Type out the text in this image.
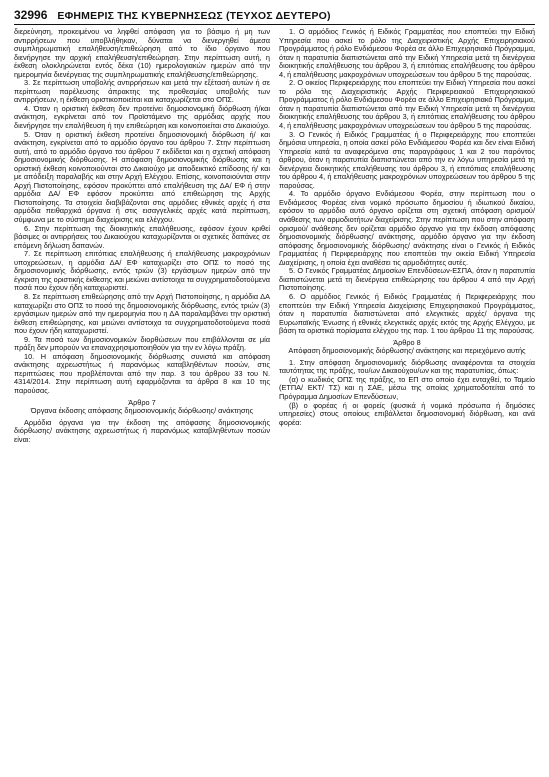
32996 ΕΦΗΜΕΡΙΣ ΤΗΣ ΚΥΒΕΡΝΗΣΕΩΣ (ΤΕΥΧΟΣ ΔΕΥΤΕΡΟ)

διερεύνηση, προκειμένου να ληφθεί απόφαση για το βάσιμο ή μη των αντιρρήσεων που υποβλήθηκαν, δύναται να διενεργηθεί άμεσα συμπληρωματική επαλήθευση/επιθεώρηση από το ίδιο όργανο που διενήργησε την αρχική επαλήθευση/επιθεώρηση. Στην περίπτωση αυτή, η έκθεση ολοκληρώνεται εντός δέκα (10) ημερολογιακών ημερών από την ημερομηνία διενέργειας της συμπληρωματικής επαλήθευσης/επιθεώρησης.

3. Σε περίπτωση υποβολής αντιρρήσεων και μετά την εξέτασή αυτών ή σε περίπτωση παρέλευσης άπρακτης της προθεσμίας υποβολής των αντιρρήσεων, η έκθεση οριστικοποιείται και καταχωρίζεται στο ΟΠΣ.

4. Όταν η οριστική έκθεση δεν προτείνει δημοσιονομική διόρθωση ή/και ανάκτηση, εγκρίνεται από τον Προϊστάμενο της αρμόδιας αρχής που διενήργησε την επαλήθευση ή την επιθεώρηση και κοινοποιείται στο Δικαιούχο.

5. Όταν η οριστική έκθεση προτείνει δημοσιονομική διόρθωση ή/ και ανάκτηση, εγκρίνεται από το αρμόδιο όργανο του άρθρου 7. Στην περίπτωση αυτή, από το αρμόδιο όργανο του άρθρου 7 εκδίδεται και η σχετική απόφαση δημοσιονομικής διόρθωσης. Η απόφαση δημοσιονομικής διόρθωσης και η οριστική έκθεση κοινοποιούνται στο Δικαιούχο με αποδεικτικό επίδοσης ή/ και με απόδειξη παραλαβής και στην Αρχή Ελέγχου. Επίσης, κοινοποιούνται στην Αρχή Πιστοποίησης, εφόσον προκύπτει από επαλήθευση της ΔΑ/ ΕΦ ή στην αρμόδια ΔΑ/ ΕΦ εφόσον προκύπτει από επιθεώρηση της Αρχής Πιστοποίησης. Τα στοιχεία διαβιβάζονται στις αρμόδιες εθνικές αρχές ή στα αρμόδια πειθαρχικά όργανα ή στις εισαγγελικές αρχές κατά περίπτωση, σύμφωνα με το σύστημα διαχείρισης και ελέγχου.

6. Στην περίπτωση της διοικητικής επαλήθευσης, εφόσον έχουν κριθεί βάσιμες οι αντιρρήσεις του Δικαιούχου καταχωρίζονται οι σχετικές δαπάνες σε επόμενη δήλωση δαπανών.

7. Σε περίπτωση επιτόπιας επαλήθευσης ή επαλήθευσης μακροχρόνιων υποχρεώσεων, η αρμόδια ΔΑ/ ΕΦ καταχωρίζει στο ΟΠΣ το ποσό της δημοσιονομικής διόρθωσης, εντός τριών (3) εργάσιμων ημερών από την έγκριση της οριστικής έκθεσης και μειώνει αντίστοιχα τα συγχρηματοδοτούμενα ποσά που έχουν ήδη καταχωριστεί.

8. Σε περίπτωση επιθεώρησης από την Αρχή Πιστοποίησης, η αρμόδια ΔΑ καταχωρίζει στο ΟΠΣ το ποσό της δημοσιονομικής διόρθωσης, εντός τριών (3) εργάσιμων ημερών από την ημερομηνία που η ΔΑ παραλαμβάνει την οριστική έκθεση επιθεώρησης, και μειώνει αντίστοιχα τα συγχρηματοδοτούμενα ποσά που έχουν ήδη καταχωριστεί.

9. Τα ποσά των δημοσιονομικών διορθώσεων που επιβάλλονται σε μία πράξη δεν μπορούν να επαναχρησιμοποιηθούν για την εν λόγω πράξη.

10. Η απόφαση δημοσιονομικής διόρθωσης συνιστά και απόφαση ανάκτησης αχρεωστήτως ή παρανόμως καταβληθέντων ποσών, στις περιπτώσεις που προβλέπονται από την παρ. 3 του άρθρου 33 του Ν. 4314/2014. Στην περίπτωση αυτή εφαρμόζονται τα άρθρα 8 και 10 της παρούσας.

Άρθρο 7

Όργανα έκδοσης απόφασης δημοσιονομικής διόρθωσης/ ανάκτησης

Αρμόδια όργανα για την έκδοση της απόφασης δημοσιονομικής διόρθωσης/ ανάκτησης αχρεωστήτως ή παρανόμως καταβληθέντων ποσών είναι:

1. Ο αρμόδιος Γενικός ή Ειδικός Γραμματέας που εποπτεύει την Ειδική Υπηρεσία που ασκεί το ρόλο της Διαχειριστικής Αρχής Επιχειρησιακού Προγράμματος ή ρόλο Ενδιάμεσου Φορέα σε άλλο Επιχειρησιακό Πρόγραμμα, όταν η παρατυπία διαπιστώνεται από την Ειδική Υπηρεσία μετά τη διενέργεια διοικητικής επαλήθευσης του άρθρου 3, ή επιτόπιας επαλήθευσης του άρθρου 4, ή επαλήθευσης μακροχρόνιων υποχρεώσεων του άρθρου 5 της παρούσας.

2. Ο οικείος Περιφερειάρχης που εποπτεύει την Ειδική Υπηρεσία που ασκεί το ρόλο της Διαχειριστικής Αρχής Περιφερειακού Επιχειρησιακού Προγράμματος ή ρόλο Ενδιάμεσου Φορέα σε άλλο Επιχειρησιακό Πρόγραμμα, όταν η παρατυπία διαπιστώνεται από την Ειδική Υπηρεσία μετά τη διενέργεια διοικητικής επαλήθευσης του άρθρου 3, ή επιτόπιας επαλήθευσης του άρθρου 4, ή επαλήθευσης μακροχρόνιων υποχρεώσεων του άρθρου 5 της παρούσας.

3. Ο Γενικός ή Ειδικός Γραμματέας ή ο Περιφερειάρχης που εποπτεύει δημόσια υπηρεσία, η οποία ασκεί ρόλο Ενδιάμεσου Φορέα και δεν είναι Ειδική Υπηρεσία κατά τα αναφερόμενα στις παραγράφους 1 και 2 του παρόντος άρθρου, όταν η παρατυπία διαπιστώνεται από την εν λόγω υπηρεσία μετά τη διενέργεια διοικητικής επαλήθευσης του άρθρου 3, ή επιτόπιας επαλήθευσης του άρθρου 4, ή επαλήθευσης μακροχρόνιων υποχρεώσεων του άρθρου 5 της παρούσας.

4. Το αρμόδιο όργανο Ενδιάμεσου Φορέα, στην περίπτωση που ο Ενδιάμεσος Φορέας είναι νομικό πρόσωπο δημοσίου ή ιδιωτικού δικαίου, εφόσον το αρμόδιο αυτό όργανο ορίζεται στη σχετική απόφαση ορισμού/ ανάθεσης των αρμοδιοτήτων διαχείρισης. Στην περίπτωση που στην απόφαση ορισμού/ ανάθεσης δεν ορίζεται αρμόδιο όργανο για την έκδοση απόφασης δημοσιονομικής διόρθωσης/ ανάκτησης, αρμόδιο όργανο για την έκδοση απόφασης δημοσιονομικής διόρθωσης/ ανάκτησης είναι ο Γενικός ή Ειδικός Γραμματέας ή Περιφερειάρχης που εποπτεύει την οικεία Ειδική Υπηρεσία Διαχείρισης, η οποία έχει αναθέσει τις αρμοδιότητες αυτές.

5. Ο Γενικός Γραμματέας Δημοσίων Επενδύσεων-ΕΣΠΑ, όταν η παρατυπία διαπιστώνεται μετά τη διενέργεια επιθεώρησης του άρθρου 4 από την Αρχή Πιστοποίησης.

6. Ο αρμόδιος Γενικός ή Ειδικός Γραμματέας ή Περιφερειάρχης που εποπτεύει την Ειδική Υπηρεσία Διαχείρισης Επιχειρησιακού Προγράμματος, όταν η παρατυπία διαπιστώνεται από ελεγκτικές αρχές/ όργανα της Ευρωπαϊκής Ένωσης ή εθνικές ελεγκτικές αρχές εκτός της Αρχής Ελέγχου, με βάση τα οριστικά πορίσματα ελέγχου της παρ. 1 του άρθρου 11 της παρούσας.

Άρθρο 8

Απόφαση δημοσιονομικής διόρθωσης/ ανάκτησης και περιεχόμενο αυτής

1. Στην απόφαση δημοσιονομικής διόρθωσης αναφέρονται τα στοιχεία ταυτότητας της πράξης, του/ων Δικαιούχου/ων και της παρατυπίας, όπως:

(α) ο κωδικός ΟΠΣ της πράξης, το ΕΠ στο οποίο έχει ενταχθεί, το Ταμείο (ΕΤΠΑ/ ΕΚΤ/ ΤΣ) και η ΣΑΕ, μέσω της οποίας χρηματοδοτείται από το Πρόγραμμα Δημοσίων Επενδύσεων,

(β) ο φορέας ή οι φορείς (φυσικά ή νομικά πρόσωπα ή δημόσιες υπηρεσίες) στους οποίους επιβάλλεται δημοσιονομική διόρθωση, και ανά φορέα:
